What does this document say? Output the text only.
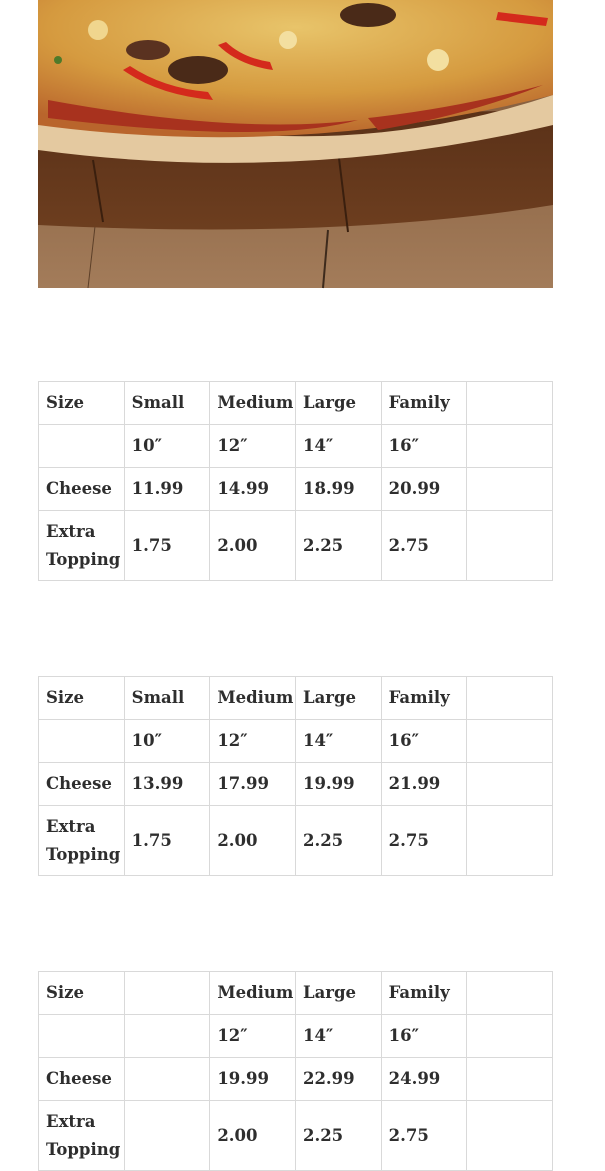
Size	Small	Medium	Large	Family	
	10″	12″	14″	16″	
Cheese	11.99	14.99	18.99	20.99	
Extra Topping	1.75	2.00	2.25	2.75	
Size	Small	Medium	Large	Family	
	10″	12″	14″	16″	
Cheese	13.99	17.99	19.99	21.99	
Extra Topping	1.75	2.00	2.25	2.75	
Size		Medium	Large	Family	
		12″	14″	16″	
Cheese		19.99	22.99	24.99	
Extra Topping		2.00	2.25	2.75	
